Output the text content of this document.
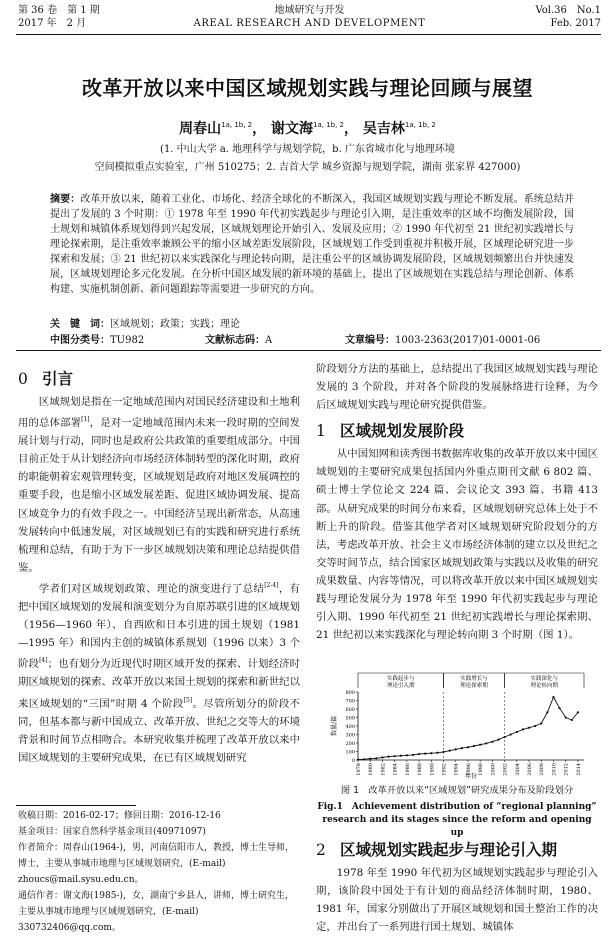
第 36 卷　第 1 期
2017 年　2 月
地域研究与开发
AREAL RESEARCH AND DEVELOPMENT
Vol.36　No.1
Feb. 2017
改革开放以来中国区域规划实践与理论回顾与展望
周春山$^{1a, 1b, 2}$， 谢文海$^{1a, 1b, 2}$， 吴吉林$^{1a, 1b, 2}$
(1. 中山大学 a. 地理科学与规划学院，b. 广东省城市化与地理环境
空间模拟重点实验室，广州 510275；2. 吉首大学 城乡资源与规划学院，湖南 张家界 427000)
摘要：改革开放以来，随着工业化、市场化、经济全球化的不断深入，我国区域规划实践与理论不断发展。系统总结并提出了发展的 3 个时期：① 1978 年至 1990 年代初实践起步与理论引入期，是注重效率的区域不均衡发展阶段，国土规划和城镇体系规划得到兴起发展，区域规划理论开始引入、发展及应用；② 1990 年代初至 21 世纪初实践增长与理论探索期，是注重效率兼顾公平的缩小区域差距发展阶段，区域规划工作受到重视并积极开展，区域理论研究进一步探索和发展；③ 21 世纪初以来实践深化与理论转向期，是注重公平的区域协调发展阶段，区域规划频繁出台并快速发展，区域规划理论多元化发展。在分析中国区域发展的新环境的基础上，提出了区域规划在实践总结与理论创新、体系构建、实施机制创新、新问题跟踪等需要进一步研究的方向。
关　键　词：区域规划；政策；实践；理论
中图分类号：TU982	文献标志码：A	文章编号：1003-2363(2017)01-0001-06
0 引言

区域规划是指在一定地域范围内对国民经济建设和土地利用的总体部署[1]，是对一定地域范围内未来一段时期的空间发展计划与行动，同时也是政府公共政策的重要组成部分。中国目前正处于从计划经济向市场经济体制转型的深化时期，政府的职能朝着宏观管理转变，区域规划是政府对地区发展调控的重要手段，也是缩小区域发展差距、促进区域协调发展、提高区域竞争力的有效手段之一。中国经济呈现出新常态，从高速发展转向中低速发展，对区域规划已有的实践和研究进行系统梳理和总结，有助于为下一步区域规划决策和理论总结提供借鉴。

学者们对区域规划政策、理论的演变进行了总结[2-4]，有把中国区域规划的发展和演变划分为自原苏联引进的区域规划（1956—1960 年）、自西欧和日本引进的国土规划（1981—1995 年）和国内主创的城镇体系规划（1996 以来）3 个阶段[4]；也有划分为近现代时期区域开发的探索、计划经济时期区域规划的探索、改革开放以来国土规划的探索和新世纪以来区域规划的“三国”时期 4 个阶段[5]。尽管所划分的阶段不同，但基本都与新中国成立、改革开放、世纪之交等大的环境背景和时间节点相吻合。本研究收集并梳理了改革开放以来中国区域规划的主要研究成果，在已有区域规划研究

收稿日期：2016-02-17；修回日期：2016-12-16
基金项目：国家自然科学基金项目(40971097)
作者简介：周春山(1964-)，男，河南信阳市人，教授，博士生导师，博士，主要从事城市地理与区域规划研究，(E-mail) zhoucs@mail.sysu.edu.cn。
通信作者：谢文海(1985-)，女，湖南宁乡县人，讲师，博士研究生，主要从事城市地理与区域规划研究，(E-mail) 330732406@qq.com。

阶段划分方法的基础上，总结提出了我国区域规划实践与理论发展的 3 个阶段，并对各个阶段的发展脉络进行诠释，为今后区域规划实践与理论研究提供借鉴。

1 区域规划发展阶段

从中国知网和读秀图书数据库收集的改革开放以来中国区域规划的主要研究成果包括国内外重点期刊文献 6 802 篇、硕士博士学位论文 224 篇、会议论文 393 篇、书籍 413 部。从研究成果的时间分布来看，区域规划研究总体上处于不断上升的阶段。借鉴其他学者对区域规划研究阶段划分的方法，考虑改革开放、社会主义市场经济体制的建立以及世纪之交等时间节点，结合国家区域规划政策与实践以及收集的研究成果数量、内容等情况，可以将改革开放以来中国区域规划实践与理论发展分为 1978 年至 1990 年代初实践起步与理论引入期、1990 年代初至 21 世纪初实践增长与理论探索期、21 世纪初以来实践深化与理论转向期 3 个时期（图 1）。

0
100
200
300
400
500
600
700
800
1978 1980 1982 1984 1986 1988 1990 1992 1994 1996 1998 2000 2002 2004 2006 2008 2010 2012 2014
数量/篇
年份
实践起步与
理论引入期
实践增长与
理论探索期
实践深化与
理论转向期
图 1　改革开放以来“区域规划”研究成果分布及阶段划分
Fig.1　Achievement distribution of “regional planning”
research and its stages since the reform and opening up
2 区域规划实践起步与理论引入期

1978 年至 1990 年代初为区域规划实践起步与理论引入期，该阶段中国处于有计划的商品经济体制时期，1980、1981 年，国家分别做出了开展区域规划和国土整治工作的决定，并出台了一系列进行国土规划、城镇体
